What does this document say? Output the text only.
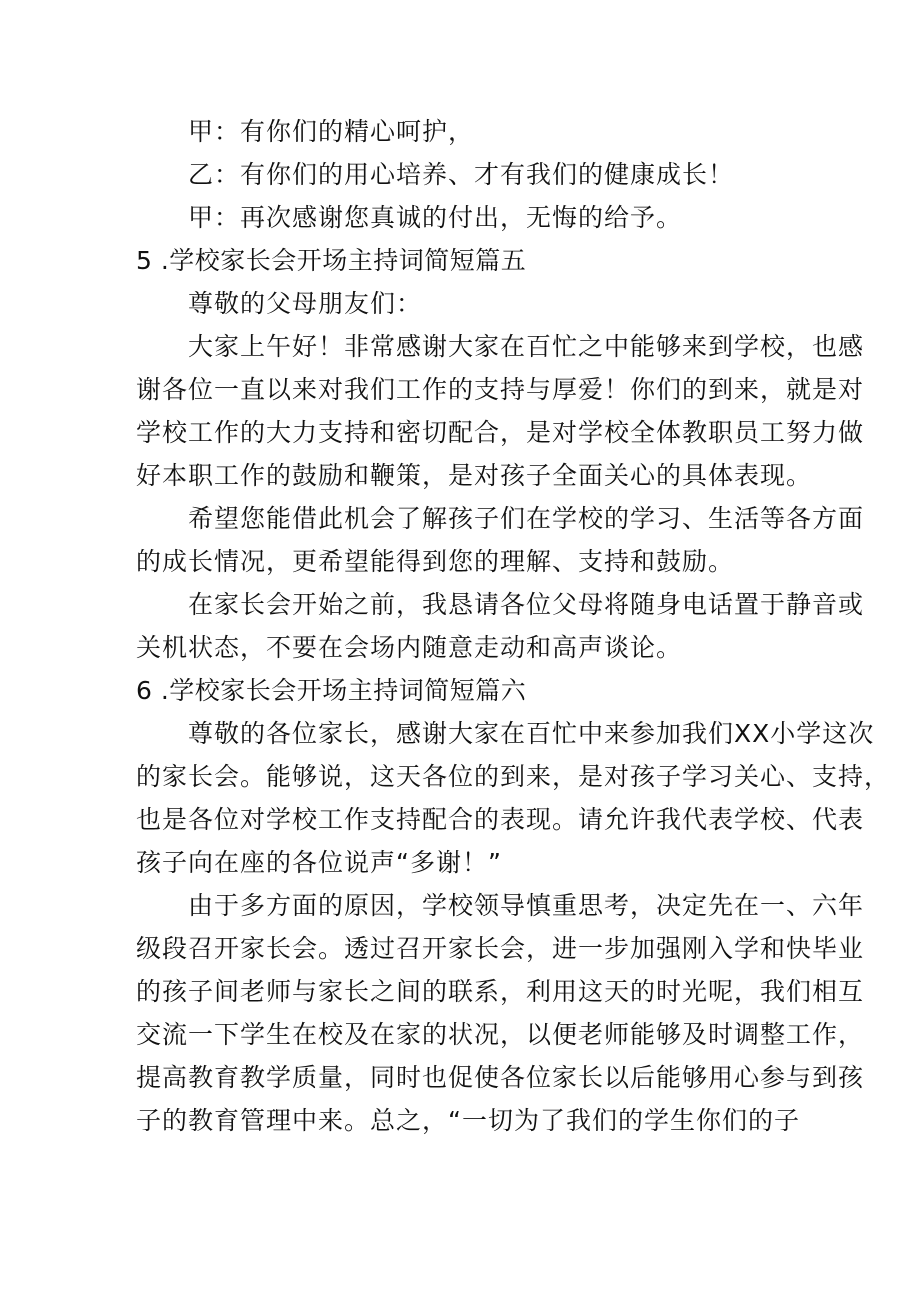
甲：有你们的精心呵护，
乙：有你们的用心培养、才有我们的健康成长！
甲：再次感谢您真诚的付出，无悔的给予。
5 .学校家长会开场主持词简短篇五
尊敬的父母朋友们：
大家上午好！非常感谢大家在百忙之中能够来到学校，也感
谢各位一直以来对我们工作的支持与厚爱！你们的到来，就是对
学校工作的大力支持和密切配合，是对学校全体教职员工努力做
好本职工作的鼓励和鞭策，是对孩子全面关心的具体表现。
希望您能借此机会了解孩子们在学校的学习、生活等各方面
的成长情况，更希望能得到您的理解、支持和鼓励。
在家长会开始之前，我恳请各位父母将随身电话置于静音或
关机状态，不要在会场内随意走动和高声谈论。
6 .学校家长会开场主持词简短篇六
尊敬的各位家长，感谢大家在百忙中来参加我们XX小学这次
的家长会。能够说，这天各位的到来，是对孩子学习关心、支持，
也是各位对学校工作支持配合的表现。请允许我代表学校、代表
孩子向在座的各位说声“多谢！”
由于多方面的原因，学校领导慎重思考，决定先在一、六年
级段召开家长会。透过召开家长会，进一步加强刚入学和快毕业
的孩子间老师与家长之间的联系，利用这天的时光呢，我们相互
交流一下学生在校及在家的状况，以便老师能够及时调整工作，
提高教育教学质量，同时也促使各位家长以后能够用心参与到孩
子的教育管理中来。总之，“一切为了我们的学生你们的子
